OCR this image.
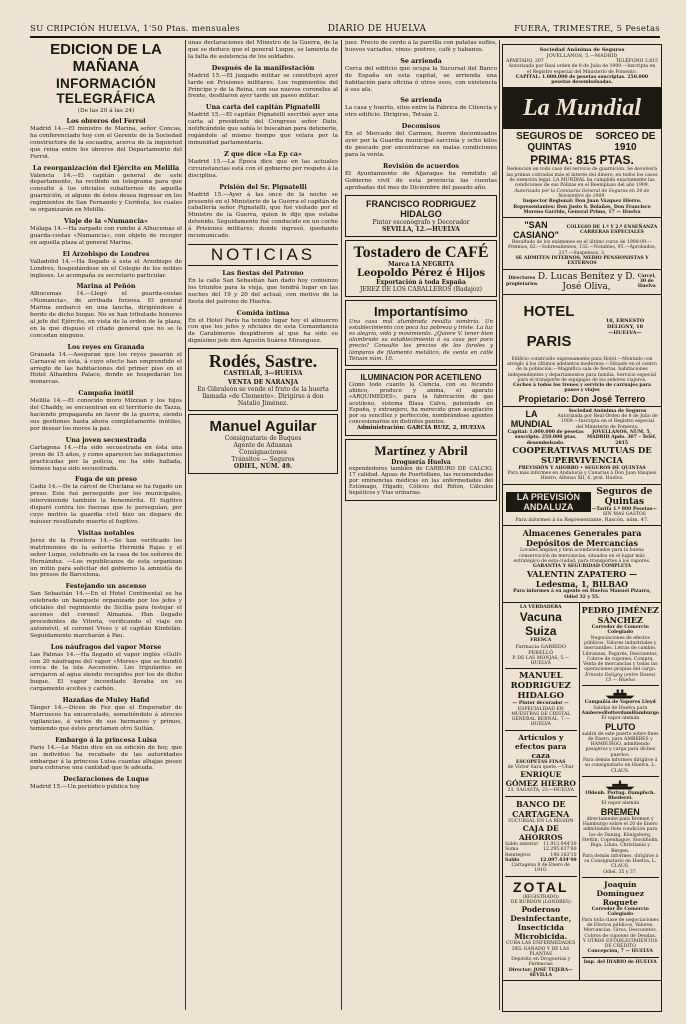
SU CRIPCIÓN HUELVA, 1'50 Ptas. mensuales	DIARIO DE HUELVA	FUERA, TRIMESTRE, 5 Pesetas
EDICION DE LA MAÑANA
INFORMACIÓN TELEGRÁFICA
(De las 20 á las 24)
Los obreros del Ferrol

Madrid 14.—El ministro de Marina, señor Concas, ha conferenciado hoy con el Gerente de la Sociedad constructora de la escuadra, acerca de la inquietud que reina entre los obreros del Departamento del Ferrol.

La reorganización del Ejército en Melilla

Valencia 14.—El capitán general de este departamento, ha recibido un telegrama para que consulte á los oficiales subalternos de aquella guarnición, si alguno de éstos desea ingresar en los regimientos de San Fernando y Ceriñola, los cuales se organizarán en Melilla.

Viaje de la «Numancia»

Málaga 14.—Ha zarpado con rumbo á Alhucemas el guarda-costas «Numancia», con objeto de recoger en aquella plaza al general Marina.

El Arzobispo de Londres

Valladolid 14.—Ha llegado á esta el Arzobispo de Londres, hospedándose en el Colegio de los nobles ingleses. Le acompaña su secretario particular.

Marina al Peñón

Alhucemas 14.—Llegó el guarda-costas «Numancia», de arribada forzosa. El general Marina embarcó en una lancha, dirigiéndose á bordo de dicho buque. No se han tributado honores al jefe del Ejército, en vista de la orden de la plaza, en la que dispuso el citado general que no se le concedan ninguno.

Los reyes en Granada

Granada 14.—Aseguran que los reyes pasarán el Carnaval en ésta, á cuyo efecto han emprendido el arreglo de las habitaciones del primer piso en el Hotel Alhambra Palace, donde se hospedarán los monarcas.

Campaña inútil

Melilla 14.—El conocido moro Mizzian y los hijos del Chaddy, se encuentran en el territorio de Tazza, haciendo propaganda en favor de la guerra, siendo sus gestiones hasta ahora completamente inútiles, por desear los moros la paz.

Una joven secuestrada

Cartagena 14.—Ha sido secuestrada en ésta una joven de 15 años, y como aparecen las indagaciones practicadas por la policía, no ha sido hallada, témese haya sido secuestrada.

Fuga de un preso

Cadiz 14.—De la cárcel de Chiclana se ha fugado un preso. Este fué perseguido por los municipales, interviniendo también la benemérita. El fugitivo disparó contra los fuerzas que le perseguían, por cuyo motivo la guardia civil hizo un disparo de máuser resultando muerto el fugitivo.

Visitas notables

Jerez de la Frontera 14.—Se han verificado los matrimonios de la señorita Hermidá Rajas y el señor Luque, celebrado en la casa de los señores de Hernández. —Los republicanos de esta organizan un mitin para solicitar del gobierno la amnistía de los presos de Barcelona.

Festejando un ascenso

San Sebastián 14.—En el Hotel Continental se ha celebrado un banquete organizado por los jefes y oficiales del regimiento de Sicilia para festejar el ascenso del coronel Almanza. Han llegado procedentes de Vitoria, verificando el viaje en automóvil, el coronel Vives y el capitán Kindelán. Seguidamente marcharán á Pau.

Los náufragos del vapor Morse

Las Palmas 14.—Ha llegado el vapor inglés «Gulf» con 20 náufragos del vapor «Morse» que se hundió cerca de la isla Ascensión. Los tripulantes se arrojaron al agua siendo recogidos por los de dicho buque. El vapor incendiado llevaba en su cargamento aceites y carbón.

Hazañas de Muley Hafid

Tánger 14.—Dicen de Fez que el Emperador de Marruecos ha encarcelado, sometiéndolo á atroces vigilancias, á varios de sus hermanos y primos, temiendo que éstos proclamen otro Sultán.

Embargo á la princesa Luisa

Paris 14.—Le Matin dice en su edición de hoy, que un individuo ha recabado de las autoridades embargar á la princesa Luisa cuantas alhajas posee para cobrarse una cantidad que le adeuda.

Declaraciones de Luque

Madrid 15.—Un periódico publica hoy

unas declaraciones del Ministro de la Guerra, de la que se deduce que el general Luque, se lamenta de la falta de asistencia de los soldados.

Después de la manifestación

Madrid 15.—El juzgado militar se constituyó ayer tarde en Prisiones militares. Los regimientos del Príncipe y de la Reina, con sus nuevos coroneles al frente, desfilaron ayer tarde un paseo militar.

Una carta del capitán Pignatelli

Madrid 15.—El capitán Pignatelli escribió ayer una carta al presidente del Congreso señor Dato, notificándole que sabía le buscaban para detenerle, rogándole al mismo tiempo que velara por la inmunidad parlamentaria.

Z que dice «La Ep ca»

Madrid 15.—La Época dice que en las actuales circunstancias está con el gobierno por respeto á la disciplina.

Prisión del Sr. Pignatelli

Madrid 15.—Ayer á las once de la noche se presentó en el Ministerio de la Guerra el capitán de caballería señor Pignatelli, que fué visitado por el Ministro de la Guerra, quien le dijo que estaba detenido. Seguidamente fué conducido en un coche á Prisiones militares, donde ingresó, quedando incomunicado.

NOTICIAS
Las fiestas del Patrono

En la calle San Sebastián han dado hoy comienzo los triunfos para la vieja, que tendrá lugar en las noches del 19 y 20 del actual, con motivo de la fiesta del patrono de Huelva.

Comida íntima

En el Hotel París ha tenido lugar hoy el almuerzo con que los jefes y oficiales de esta Comandancia de Carabineros despidieron al que ha sido su dignísimo jefe don Agustín Suárez Miranguez.

Rodés, Sastre.
CASTELAR, 3—HUELVA
VENTA DE NARANJA
En Gibraleón se vende el fruto de la huerta llamada «de Clemente». Dirigirse á don Natalio Jiménez.
Manuel Aguilar
Consignatario de Buques
Agente de Aduanas
Consignaciones
Tránsitos — Seguros
ODIEL, NÚM. 49.
Sociedad Anónima de Seguros
JOVELLANOS, 5.—MADRID
APARTADO, 307	TELÉFONO 2.815
Autorizada por Real orden de 8 de Julio de 1909.—Inscripta en el Registro especial del Ministerio de Fomento.
CAPITAL: 1.000.000 de pesetas suscriptas. 250.000 pesetas desembolsadas.
La Mundial
SEGUROS DE QUINTAS
SORCEO DE 1910
PRIMA: 815 PTAS.
Redención en todo caso del servicio de guarnición. Se devolverá las primas cobradas más el interés del dinero, en todos los casos de exención legal. LA MUNDIAL ha cumplido exactamente las condiciones de sus Pólizas en el Reemplazo del año 1909.
Autorizada por la Comisaría General de Seguros en 24 de Noviembre de 1909.
Inspector Regional: Don Juan Vázquez Hierro. Representantes: Don Justo S. Bolaños, Don Francisco Moreno Garrido, General Primo, 17 — Huelva
"SAN CASIANO"
COLEGIO DE 1.ª Y 2.ª ENSEÑANZA CARRERAS ESPECIALES
Resultado de los exámenes en el último curso de 1908-09.—Premios, 62.—Sobresalientes, 132.—Notables, 95.—Aprobados, 217.—Suspensos, 3.
SE ADMITEN INTERNOS, MEDIO PENSIONISTAS Y EXTERNOS
Directores propietarios
D. Lucas Benítez y D. José Oliva,
Cárcel, 30 de Huelva
HOTEL PARIS
18, ERNESTO DELIGNY, 18
—HUELVA—
Edificio construido expresamente para Hotel.—Montado con arreglo á los últimos adelantos modernos.—Situado en el centro de la población.—Magnífica sala de fiestas, habitaciones independientes y departamentos para familia. Servicio especial para el transporte de equipajes de los señores viajeros.
Coches á todos los trenes y servicio de carruajes para paseo y viajes
Propietario: Don José Terrero
LA MUNDIAL
Sociedad Anónima de Seguros
Autorizada por Real Orden de 8 de Julio de 1909.—Inscripta en el Registro especial del Ministerio de Fomento.
Capital: 1.000.000 de pesetas suscripto. 250.000 ptas. desembolsado.
JOVELLANOS, NÚM. 5, MADRID Apdo. 307 – Teléf. 2815
COOPERATIVAS MUTUAS DE SUPERVIVENCIA
PREVISIÓN Y AHORRO • SEGUROS DE QUINTAS
Para más informes en Andalucía y Canarias á Don Juan Vázquez Hierro, Alfonso XII, 6, pral. Huelva.
LA PREVISIÓN ANDALUZA
Seguros de Quintas
—Tarifa 1.ª 800 Pesetas—
SIN MAS GASTOS
Para informes á su Representante, Rascón, núm. 47.
Almacenes Generales para Depósitos de Mercancías
Locales amplios y bien acondicionados para la buena conservación de mercancías, situados en el lugar más estratégico de esta ciudad, para transportes á los vapores.
GARANTIA Y SEGURIDAD COMPLETA
VALENTIN ZAPATERO —Ledesma, 1, BILBAO
Para informes á su agente en Huelva Manuel Pizarro, Odiel 32 y 55.
LA VERDADERA
Vacuna Suiza
FRESCA
Farmacia GARRIDO PERELLÓ
P. DE LAS MONJAS, 5.—HUELVA
MANUEL RODRIGUEZ HIDALGO
— Pintor decorador —
ESPECIALIDAD EN MUESTRAS DE CRISTAL
GENERAL BERNAL, 7.—HUELVA
Artículos y efectos para caza
ESCOPETAS FINAS
de Víctor Sara quete.—Ubar
ENRIQUE GÓMEZ HIERRO
23, SAGASTA, 23.—HUELVA
BANCO DE CARTAGENA
SUCURSAL EN LA REGIÓN
CAJA DE AHORROS
Saldo anterior 11.913.044'30
Suma	12.295.617'80
Reintegros	198.183'10
Saldo	12.097.434'40
Cartagena 8 de Enero de 1910.
ZOTAL
(REGISTRADO)
DE BURDON (LONDRES)
Poderoso Desinfectante,
Insecticida Microbicida.
CURA LAS ENFERMEDADES DEL GANADO Y DE LAS PLANTAS
Depósito en Droguerías y Farmacias
Director: JOSÉ TEJERA—SEVILLA
PEDRO JIMÉNEZ SÁNCHEZ
Corredor de Comercio Colegiado
Negociaciones de efectos públicos, Valores industriales y mercantiles. Letras de cambio, Libranzas, Pagarés, Descuentos, Cobros de cupones, Compra, Venta de mercancías y todas las operaciones propias del cargo.
Ernesto Deligny (entre Doses) 15 — Huelva
Compañía de Vapores Lloyd
Salidas de Huelva para
Amberes Rotterdam Hamburgo
El vapor alemán
PLUTO
saldrá de este puerto sobre fines de Enero, para AMBERES y HAMBURGO, admitiendo pasajeros y carga para dichos puertos.
Para demás informes dirigirse á su consignatario en Huelva, L. CLAUS.
Oldenb. Portug. Dampfsch. Rhederei.
El vapor alemán
BREMEN
directamente para Bremen y Hamburgo sobre el 20 de Enero admitiendo flete condición para los de Danzig, Königsberg, Stettin, Copenhague, Stockholm, Riga, Libau, Christiania y Bergen.
Para demás informes, dirigirse á su Consignatario en Huelva, L. CLAUS,
Odiel, 35 y 37.
Joaquín Domínguez Roquete
Corredor de Comercio Colegiado
Para toda clase de negociaciones de Efectos públicos, Valores, Mercancías, Giros, Descuentos, Cobros de cupones de Deudas.
Y OTROS ESTABLECIMIENTOS DE CRÉDITO
Concepción, 7 — HUELVA
Imp. del DIARIO de HUELVA

juez. Precio de cerdo á la parrilla con patatas suflés, huevos variados, vinos: postres, café y habanos.

Se arrienda

Cerca del edificio que ocupa la Sucursal del Banco de España en esta capital, se arrienda una habitación para oficina ó otros usos, con existencia á sus afa.

Se arrienda

La casa y huerto, sitos entre la Fábrica de Cilencia y otro edificio. Dirigirse, Tetuán 2.

Decomisos

En el Mercado del Carmen, fueron decomisados ayer por la Guardia municipal sarcinía y ocho kilos de pescado por encontrarse en malas condiciones para la venta.

Revisión de acuerdos

El Ayuntamiento de Aljaraque ha remitido al Gobierno civil de esta provincia las cuentas aprobadas del mes de Diciembre del pasado año.

FRANCISCO RODRIGUEZ HIDALGO
Pintor escenógrafo y Decorador
SEVILLA, 12.—HUELVA
Tostadero de CAFÉ
Marca LA NEGRITA
Leopoldo Pérez é Hijos
Exportación á toda España
JEREZ DE LOS CABALLEROS (Badajoz)
Importantísimo
Una casa mal alumbrada resulta sombría. Un establecimiento con poca luz pobreza y triste. La luz es alegría, vida y movimiento. ¿Quiere V. tener bien alumbrado su establecimiento ó su casa por poco precio? Consulte los precios de los faroles y lámparas de filamento metálico, de venta en calle Tetuán núm. 10.
ILUMINACION POR ACETILENO
Como todo cuanto la Ciencia, con su fecundo ahinco, produce y anima, el aparato «ARQUIMEDES», para la fabricación de gas acetileno, sistema Blasa Calvo, patentado en España, y extranjero, ha merecido gran aceptación por su sencillez y perfección, nombrándose agentes concesionarios en distintos puntos.
Administración: GARCÍA RUIZ, 2, HUELVA
Martínez y Abril
Droguería Huelva
expendedores también de CARBURO DE CALCIO, 17 calidad. Aguas de Puertollano, las recomendadas por eminencias médicas en las enfermedades del Estómago, Hígado, Cólicos del Riñón, Cálculos hepáticos y Vías urinarias.
